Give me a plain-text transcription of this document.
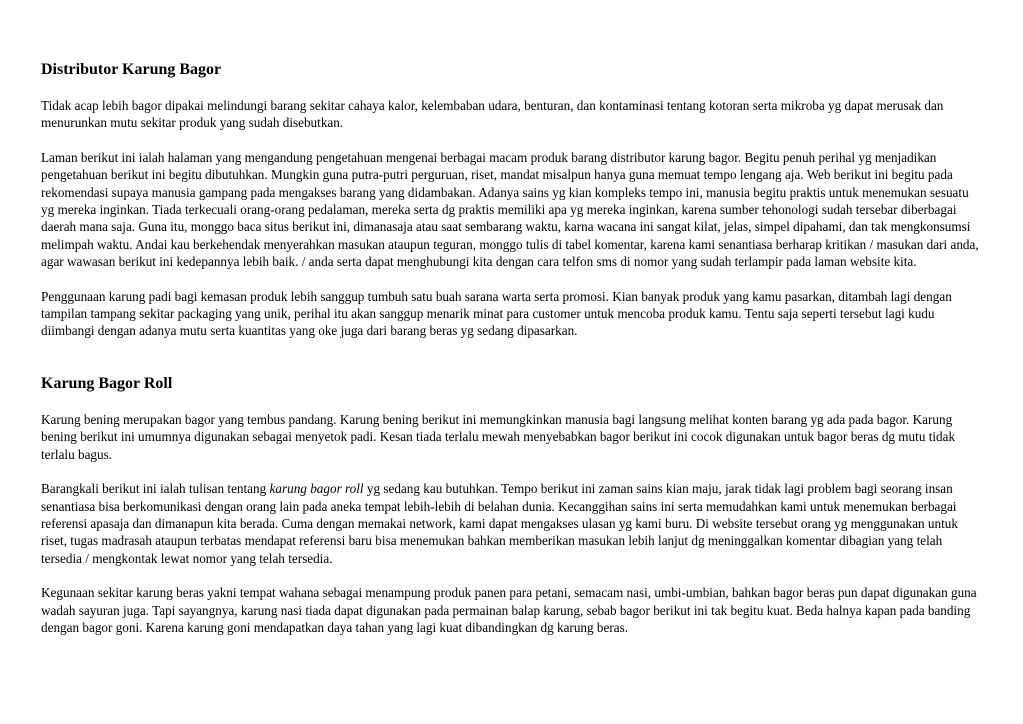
Distributor Karung Bagor

Tidak acap lebih bagor dipakai melindungi barang sekitar cahaya kalor, kelembaban udara, benturan, dan kontaminasi tentang kotoran serta mikroba yg dapat merusak dan menurunkan mutu sekitar produk yang sudah disebutkan.

Laman berikut ini ialah halaman yang mengandung pengetahuan mengenai berbagai macam produk barang distributor karung bagor. Begitu penuh perihal yg menjadikan pengetahuan berikut ini begitu dibutuhkan. Mungkin guna putra-putri perguruan, riset, mandat misalpun hanya guna memuat tempo lengang aja. Web berikut ini begitu pada rekomendasi supaya manusia gampang pada mengakses barang yang didambakan. Adanya sains yg kian kompleks tempo ini, manusia begitu praktis untuk menemukan sesuatu yg mereka inginkan. Tiada terkecuali orang-orang pedalaman, mereka serta dg praktis memiliki apa yg mereka inginkan, karena sumber tehonologi sudah tersebar diberbagai daerah mana saja. Guna itu, monggo baca situs berikut ini, dimanasaja atau saat sembarang waktu, karna wacana ini sangat kilat, jelas, simpel dipahami, dan tak mengkonsumsi melimpah waktu. Andai kau berkehendak menyerahkan masukan ataupun teguran, monggo tulis di tabel komentar, karena kami senantiasa berharap kritikan / masukan dari anda, agar wawasan berikut ini kedepannya lebih baik. / anda serta dapat menghubungi kita dengan cara telfon sms di nomor yang sudah terlampir pada laman website kita.

Penggunaan karung padi bagi kemasan produk lebih sanggup tumbuh satu buah sarana warta serta promosi. Kian banyak produk yang kamu pasarkan, ditambah lagi dengan tampilan tampang sekitar packaging yang unik, perihal itu akan sanggup menarik minat para customer untuk mencoba produk kamu. Tentu saja seperti tersebut lagi kudu diimbangi dengan adanya mutu serta kuantitas yang oke juga dari barang beras yg sedang dipasarkan.

Karung Bagor Roll

Karung bening merupakan bagor yang tembus pandang. Karung bening berikut ini memungkinkan manusia bagi langsung melihat konten barang yg ada pada bagor. Karung bening berikut ini umumnya digunakan sebagai menyetok padi. Kesan tiada terlalu mewah menyebabkan bagor berikut ini cocok digunakan untuk bagor beras dg mutu tidak terlalu bagus.

Barangkali berikut ini ialah tulisan tentang karung bagor roll yg sedang kau butuhkan. Tempo berikut ini zaman sains kian maju, jarak tidak lagi problem bagi seorang insan senantiasa bisa berkomunikasi dengan orang lain pada aneka tempat lebih-lebih di belahan dunia. Kecanggihan sains ini serta memudahkan kami untuk menemukan berbagai referensi apasaja dan dimanapun kita berada. Cuma dengan memakai network, kami dapat mengakses ulasan yg kami buru. Di website tersebut orang yg menggunakan untuk riset, tugas madrasah ataupun terbatas mendapat referensi baru bisa menemukan bahkan memberikan masukan lebih lanjut dg meninggalkan komentar dibagian yang telah tersedia / mengkontak lewat nomor yang telah tersedia.

Kegunaan sekitar karung beras yakni tempat wahana sebagai menampung produk panen para petani, semacam nasi, umbi-umbian, bahkan bagor beras pun dapat digunakan guna wadah sayuran juga. Tapi sayangnya, karung nasi tiada dapat digunakan pada permainan balap karung, sebab bagor berikut ini tak begitu kuat. Beda halnya kapan pada banding dengan bagor goni. Karena karung goni mendapatkan daya tahan yang lagi kuat dibandingkan dg karung beras.
